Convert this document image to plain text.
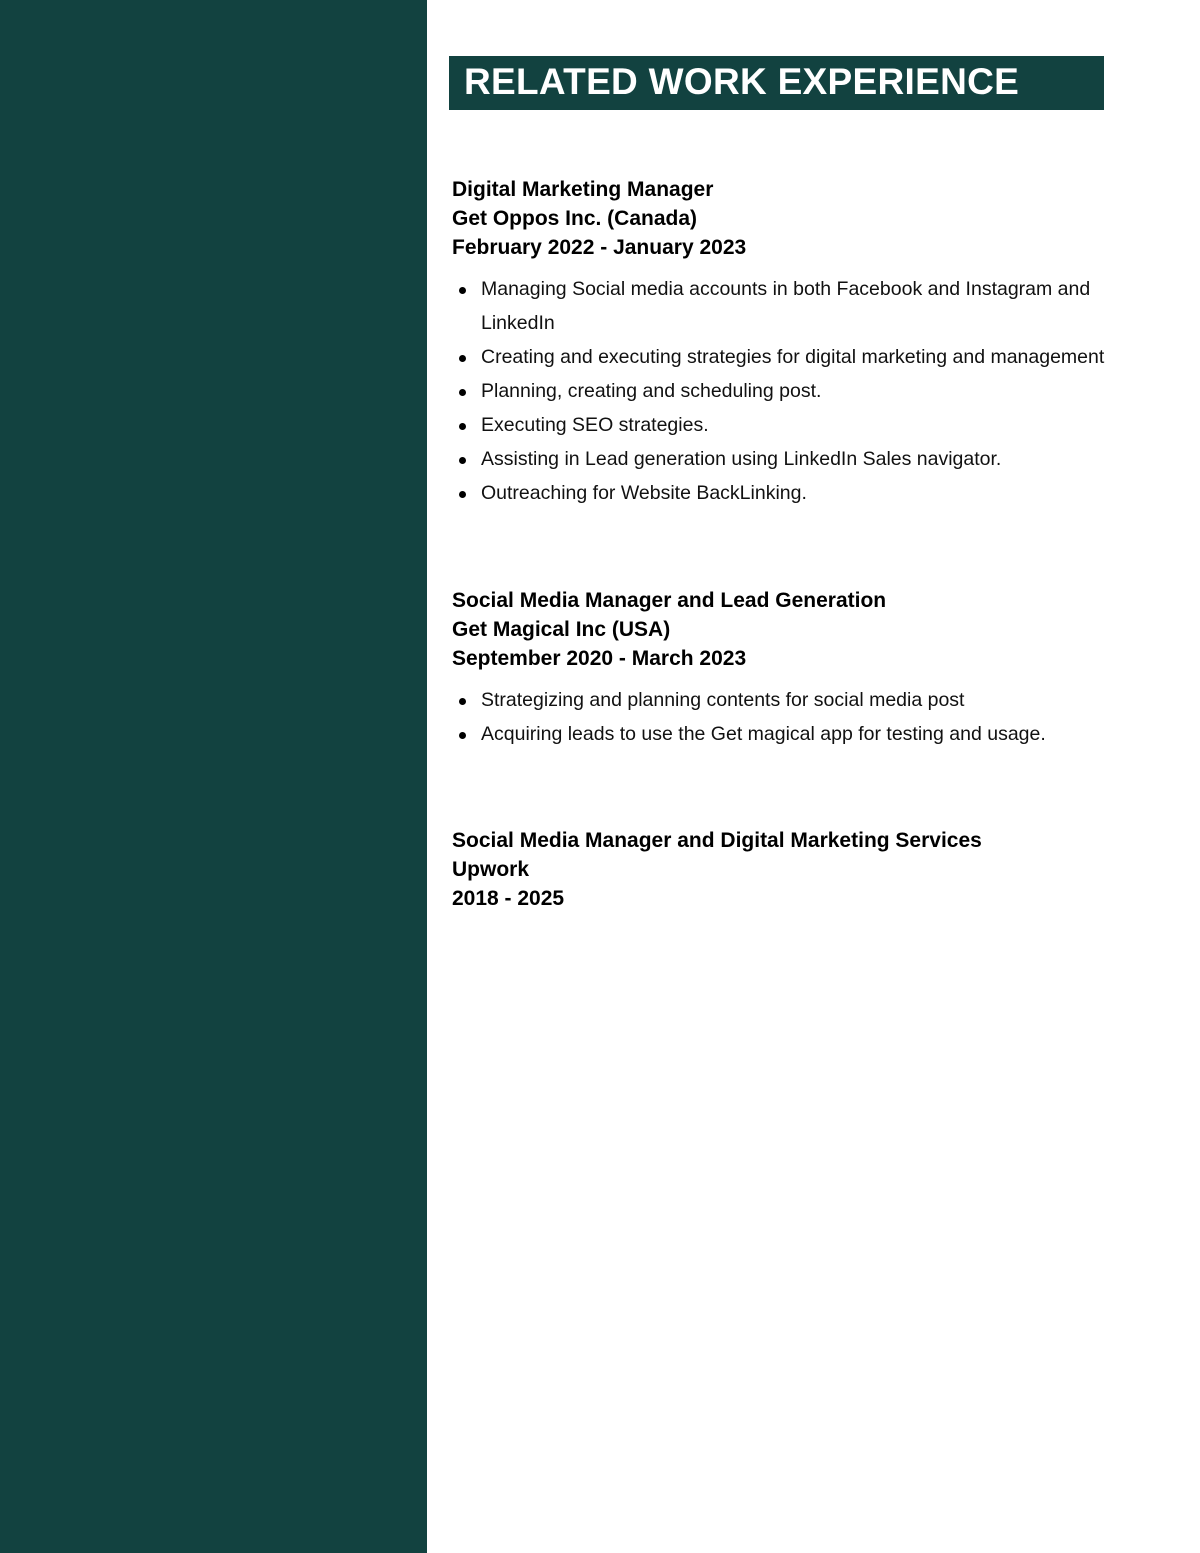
RELATED WORK EXPERIENCE
Digital Marketing Manager
Get Oppos Inc. (Canada)
February 2022 - January 2023
Managing Social media accounts in both Facebook and Instagram and LinkedIn
Creating and executing strategies for digital marketing and management
Planning, creating and scheduling post.
Executing SEO strategies.
Assisting in Lead generation using LinkedIn Sales navigator.
Outreaching for Website BackLinking.
Social Media Manager and Lead Generation
Get Magical Inc (USA)
September 2020 - March 2023
Strategizing and planning contents for social media post
Acquiring leads to use the Get magical app for testing and usage.
Social Media Manager and Digital Marketing Services
Upwork
2018 - 2025
